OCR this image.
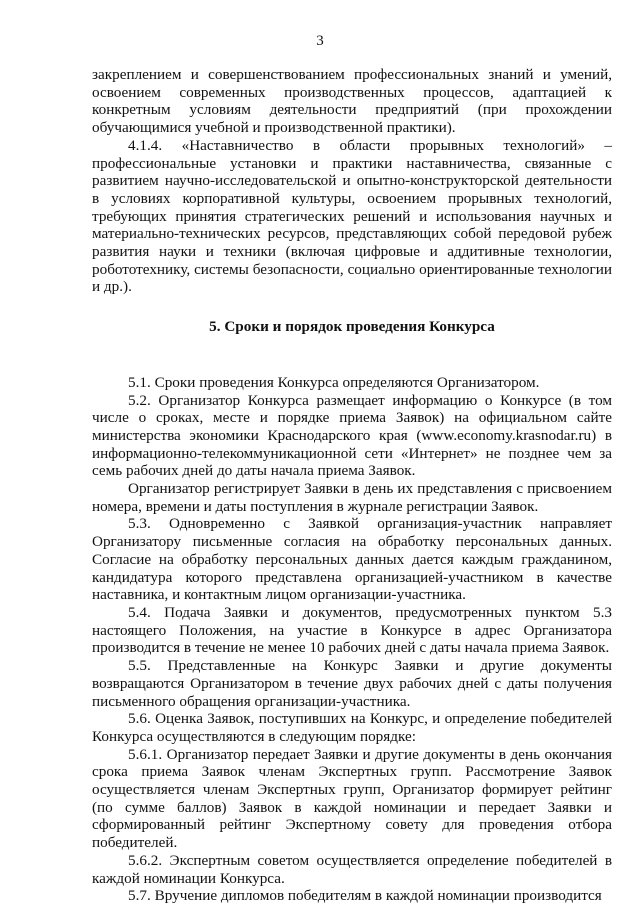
3

закреплением и совершенствованием профессиональных знаний и умений, освоением современных производственных процессов, адаптацией к конкретным условиям деятельности предприятий (при прохождении обучающимися учебной и производственной практики).

4.1.4. «Наставничество в области прорывных технологий» – профессиональные установки и практики наставничества, связанные с развитием научно-исследовательской и опытно-конструкторской деятельности в условиях корпоративной культуры, освоением прорывных технологий, требующих принятия стратегических решений и использования научных и материально-технических ресурсов, представляющих собой передовой рубеж развития науки и техники (включая цифровые и аддитивные технологии, робототехнику, системы безопасности, социально ориентированные технологии и др.).

5. Сроки и порядок проведения Конкурса

5.1. Сроки проведения Конкурса определяются Организатором.

5.2. Организатор Конкурса размещает информацию о Конкурсе (в том числе о сроках, месте и порядке приема Заявок) на официальном сайте министерства экономики Краснодарского края (www.economy.krasnodar.ru) в информационно-телекоммуникационной сети «Интернет» не позднее чем за семь рабочих дней до даты начала приема Заявок.

Организатор регистрирует Заявки в день их представления с присвоением номера, времени и даты поступления в журнале регистрации Заявок.

5.3. Одновременно с Заявкой организация-участник направляет Организатору письменные согласия на обработку персональных данных. Согласие на обработку персональных данных дается каждым гражданином, кандидатура которого представлена организацией-участником в качестве наставника, и контактным лицом организации-участника.

5.4. Подача Заявки и документов, предусмотренных пунктом 5.3 настоящего Положения, на участие в Конкурсе в адрес Организатора производится в течение не менее 10 рабочих дней с даты начала приема Заявок.

5.5. Представленные на Конкурс Заявки и другие документы возвращаются Организатором в течение двух рабочих дней с даты получения письменного обращения организации-участника.

5.6. Оценка Заявок, поступивших на Конкурс, и определение победителей Конкурса осуществляются в следующим порядке:

5.6.1. Организатор передает Заявки и другие документы в день окончания срока приема Заявок членам Экспертных групп. Рассмотрение Заявок осуществляется членам Экспертных групп, Организатор формирует рейтинг (по сумме баллов) Заявок в каждой номинации и передает Заявки и сформированный рейтинг Экспертному совету для проведения отбора победителей.

5.6.2. Экспертным советом осуществляется определение победителей в каждой номинации Конкурса.

5.7. Вручение дипломов победителям в каждой номинации производится
